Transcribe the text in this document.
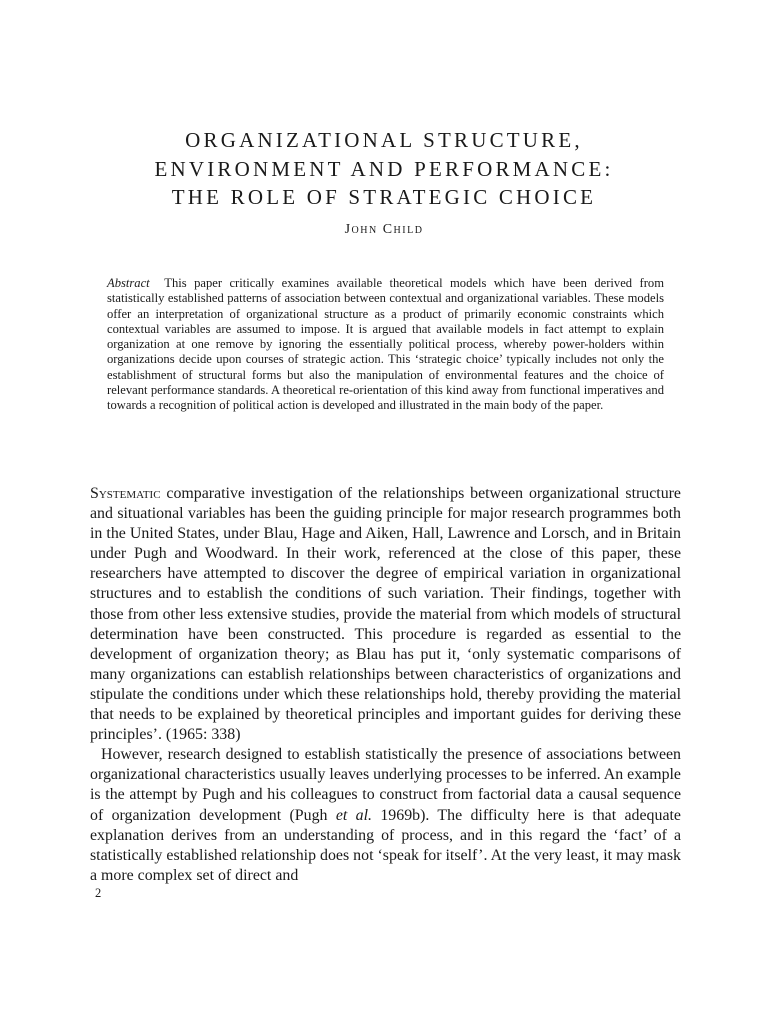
ORGANIZATIONAL STRUCTURE,
ENVIRONMENT AND PERFORMANCE:
THE ROLE OF STRATEGIC CHOICE
John Child
Abstract This paper critically examines available theoretical models which have been derived from statistically established patterns of association between contextual and organizational variables. These models offer an interpretation of organizational structure as a product of primarily economic constraints which contextual variables are assumed to impose. It is argued that available models in fact attempt to explain organization at one remove by ignoring the essentially political process, whereby power-holders within organizations decide upon courses of strategic action. This ‘strategic choice’ typically includes not only the establishment of structural forms but also the manipulation of environmental features and the choice of relevant performance standards. A theoretical re-orientation of this kind away from functional imperatives and towards a recognition of political action is developed and illustrated in the main body of the paper.

Systematic comparative investigation of the relationships between organizational structure and situational variables has been the guiding principle for major research programmes both in the United States, under Blau, Hage and Aiken, Hall, Lawrence and Lorsch, and in Britain under Pugh and Woodward. In their work, referenced at the close of this paper, these researchers have attempted to discover the degree of empirical variation in organizational structures and to establish the conditions of such variation. Their findings, together with those from other less extensive studies, provide the material from which models of structural determination have been constructed. This procedure is regarded as essential to the development of organization theory; as Blau has put it, ‘only systematic comparisons of many organizations can establish relationships between characteristics of organizations and stipulate the conditions under which these relationships hold, thereby providing the material that needs to be explained by theoretical principles and important guides for deriving these principles’. (1965: 338)

However, research designed to establish statistically the presence of associations between organizational characteristics usually leaves underlying processes to be inferred. An example is the attempt by Pugh and his colleagues to construct from factorial data a causal sequence of organization development (Pugh et al. 1969b). The difficulty here is that adequate explanation derives from an understanding of process, and in this regard the ‘fact’ of a statistically established relationship does not ‘speak for itself’. At the very least, it may mask a more complex set of direct and

2
